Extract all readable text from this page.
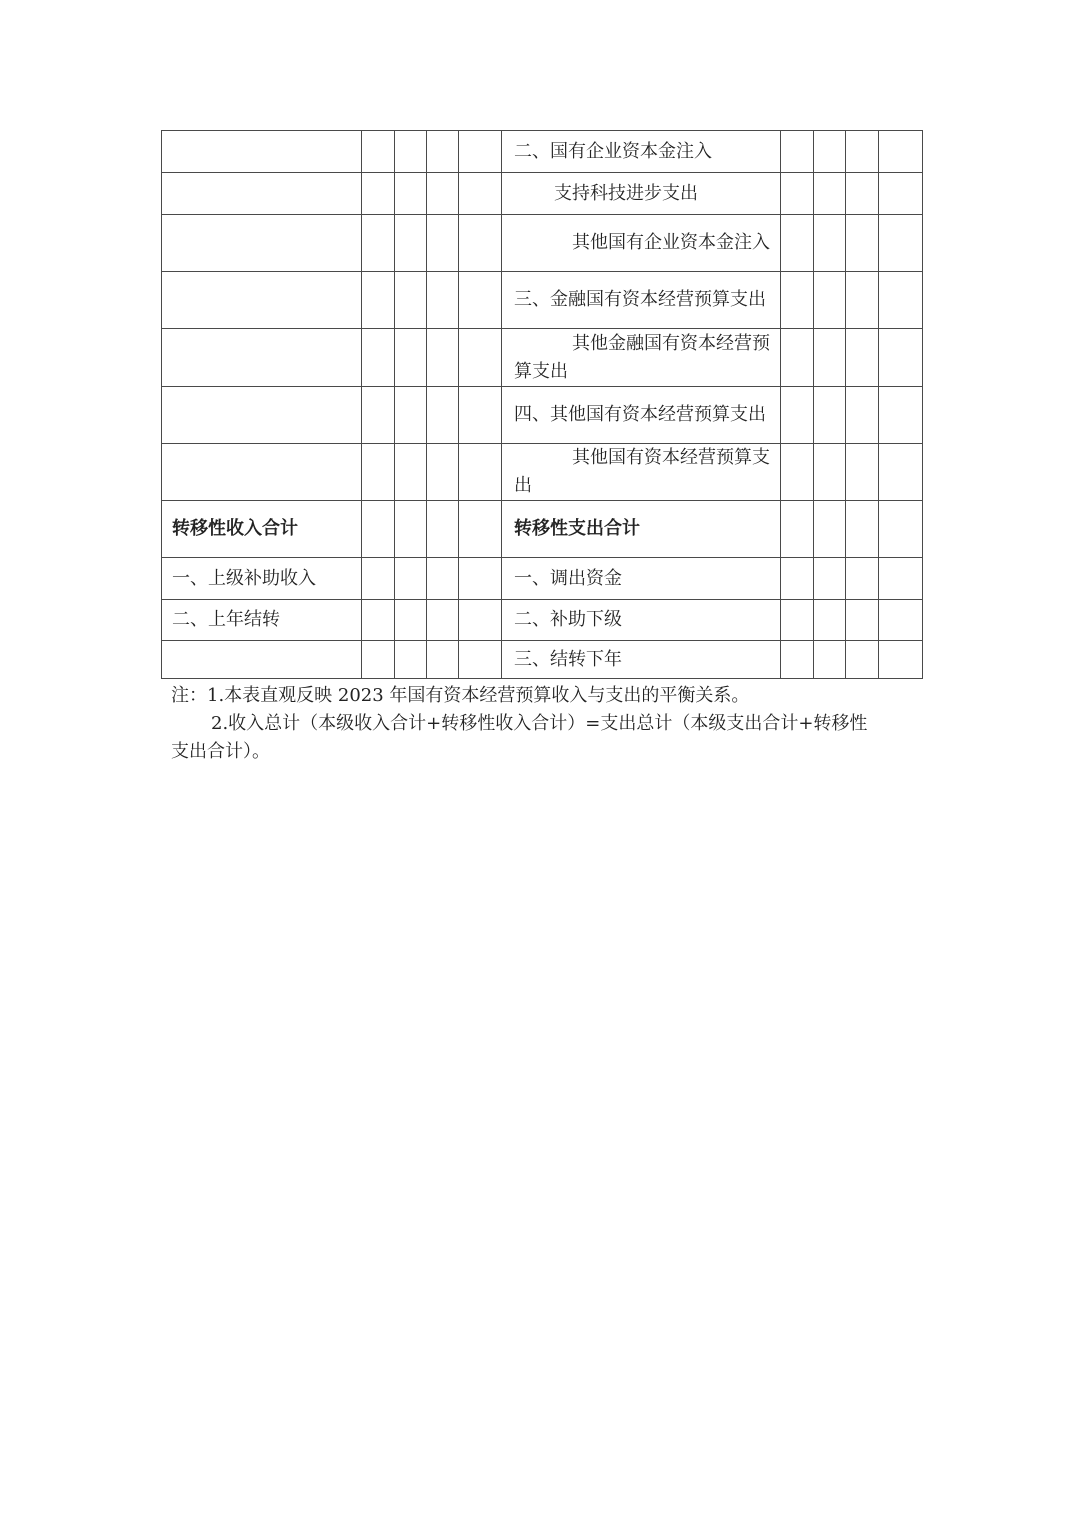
					二、国有企业资本金注入				
					支持科技进步支出				
					其他国有企业资本金注入				
					三、金融国有资本经营预算支出				
					其他金融国有资本经营预算支出				
					四、其他国有资本经营预算支出				
					其他国有资本经营预算支出				
转移性收入合计					转移性支出合计				
一、上级补助收入					一、调出资金				
二、上年结转					二、补助下级				
					三、结转下年				

注：1.本表直观反映 2023 年国有资本经营预算收入与支出的平衡关系。

2.收入总计（本级收入合计+转移性收入合计）=支出总计（本级支出合计+转移性

支出合计）。
